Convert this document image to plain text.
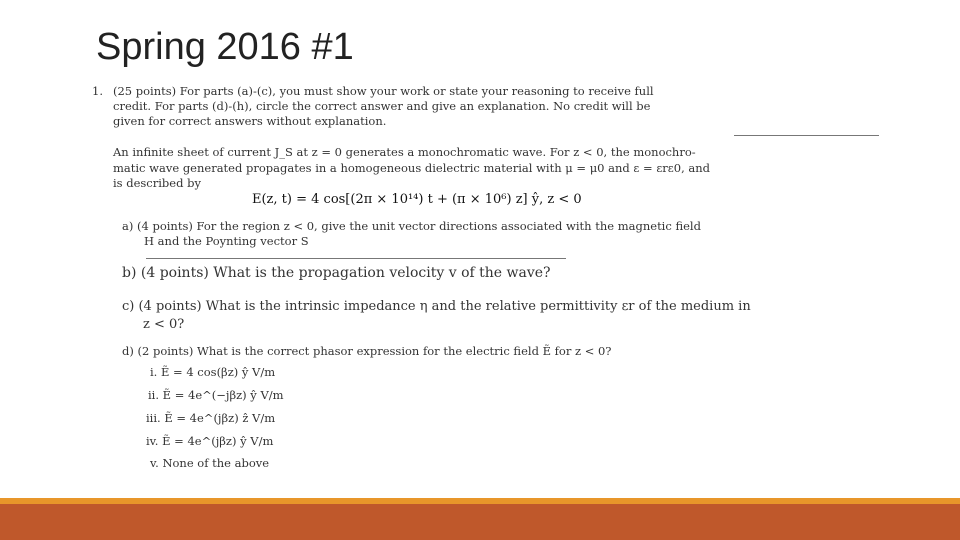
Spring 2016 #1
1. (25 points) For parts (a)-(c), you must show your work or state your reasoning to receive full
credit. For parts (d)-(h), circle the correct answer and give an explanation. No credit will be
given for correct answers without explanation.
An infinite sheet of current J_S at z = 0 generates a monochromatic wave. For z < 0, the monochro-
matic wave generated propagates in a homogeneous dielectric material with μ = μ0 and ε = εrε0, and
is described by
E(z, t) = 4 cos[(2π × 10¹⁴) t + (π × 10⁶) z] ŷ, z < 0
a) (4 points) For the region z < 0, give the unit vector directions associated with the magnetic field
H and the Poynting vector S
b) (4 points) What is the propagation velocity v of the wave?
c) (4 points) What is the intrinsic impedance η and the relative permittivity εr of the medium in
z < 0?
d) (2 points) What is the correct phasor expression for the electric field Ẽ for z < 0?
i. Ẽ = 4 cos(βz) ŷ V/m
ii. Ẽ = 4e^(−jβz) ŷ V/m
iii. Ẽ = 4e^(jβz) ẑ V/m
iv. Ẽ = 4e^(jβz) ŷ V/m
v. None of the above
